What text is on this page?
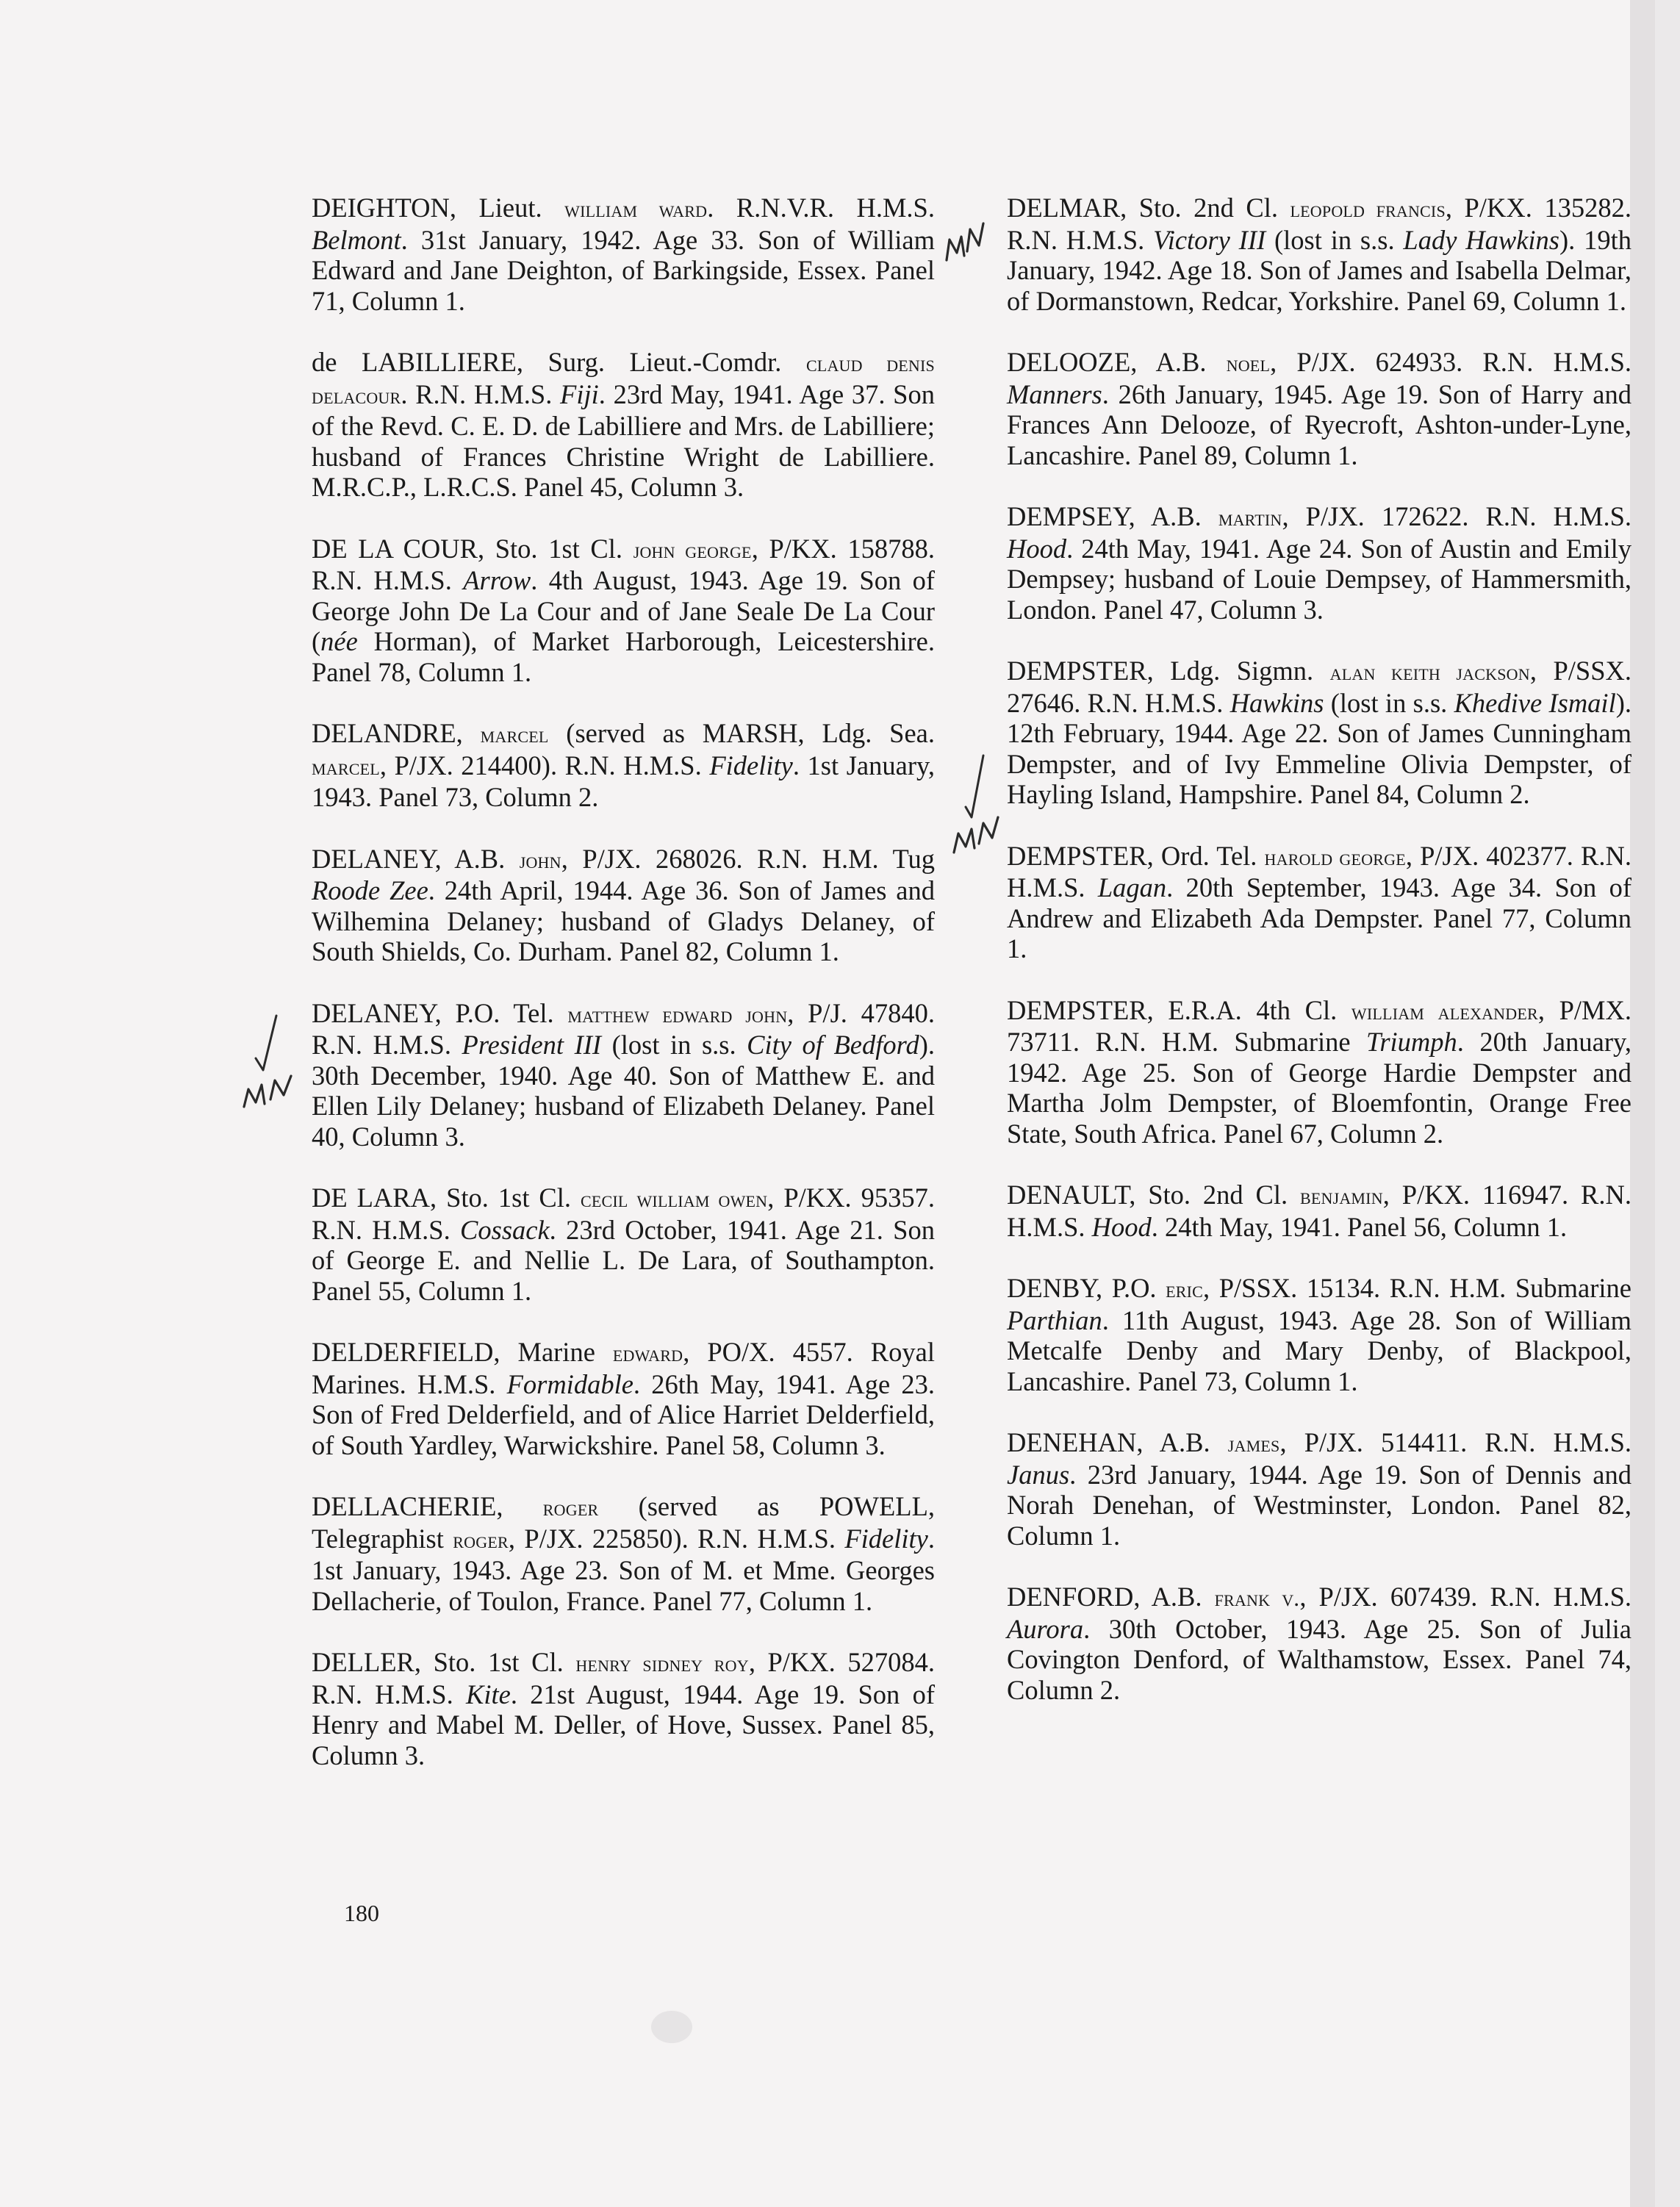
DEIGHTON, Lieut. william ward. R.N.V.R. H.M.S. Belmont. 31st January, 1942. Age 33. Son of William Edward and Jane Deighton, of Barkingside, Essex. Panel 71, Column 1.

de LABILLIERE, Surg. Lieut.-Comdr. claud denis delacour. R.N. H.M.S. Fiji. 23rd May, 1941. Age 37. Son of the Revd. C. E. D. de Labilliere and Mrs. de Labilliere; husband of Frances Christine Wright de Labilliere. M.R.C.P., L.R.C.S. Panel 45, Column 3.

DE LA COUR, Sto. 1st Cl. john george, P/KX. 158788. R.N. H.M.S. Arrow. 4th August, 1943. Age 19. Son of George John De La Cour and of Jane Seale De La Cour (née Horman), of Market Harborough, Leicestershire. Panel 78, Column 1.

DELANDRE, marcel (served as MARSH, Ldg. Sea. marcel, P/JX. 214400). R.N. H.M.S. Fidelity. 1st January, 1943. Panel 73, Column 2.

DELANEY, A.B. john, P/JX. 268026. R.N. H.M. Tug Roode Zee. 24th April, 1944. Age 36. Son of James and Wilhemina Delaney; husband of Gladys Delaney, of South Shields, Co. Durham. Panel 82, Column 1.

DELANEY, P.O. Tel. matthew edward john, P/J. 47840. R.N. H.M.S. President III (lost in s.s. City of Bedford). 30th December, 1940. Age 40. Son of Matthew E. and Ellen Lily Delaney; husband of Elizabeth Delaney. Panel 40, Column 3.

DE LARA, Sto. 1st Cl. cecil william owen, P/KX. 95357. R.N. H.M.S. Cossack. 23rd October, 1941. Age 21. Son of George E. and Nellie L. De Lara, of Southampton. Panel 55, Column 1.

DELDERFIELD, Marine edward, PO/X. 4557. Royal Marines. H.M.S. Formidable. 26th May, 1941. Age 23. Son of Fred Delderfield, and of Alice Harriet Delderfield, of South Yardley, Warwickshire. Panel 58, Column 3.

DELLACHERIE, roger (served as POWELL, Telegraphist roger, P/JX. 225850). R.N. H.M.S. Fidelity. 1st January, 1943. Age 23. Son of M. et Mme. Georges Dellacherie, of Toulon, France. Panel 77, Column 1.

DELLER, Sto. 1st Cl. henry sidney roy, P/KX. 527084. R.N. H.M.S. Kite. 21st August, 1944. Age 19. Son of Henry and Mabel M. Deller, of Hove, Sussex. Panel 85, Column 3.

DELMAR, Sto. 2nd Cl. leopold francis, P/KX. 135282. R.N. H.M.S. Victory III (lost in s.s. Lady Hawkins). 19th January, 1942. Age 18. Son of James and Isabella Delmar, of Dormanstown, Redcar, Yorkshire. Panel 69, Column 1.

DELOOZE, A.B. noel, P/JX. 624933. R.N. H.M.S. Manners. 26th January, 1945. Age 19. Son of Harry and Frances Ann Delooze, of Ryecroft, Ashton-under-Lyne, Lancashire. Panel 89, Column 1.

DEMPSEY, A.B. martin, P/JX. 172622. R.N. H.M.S. Hood. 24th May, 1941. Age 24. Son of Austin and Emily Dempsey; husband of Louie Dempsey, of Hammersmith, London. Panel 47, Column 3.

DEMPSTER, Ldg. Sigmn. alan keith jackson, P/SSX. 27646. R.N. H.M.S. Hawkins (lost in s.s. Khedive Ismail). 12th February, 1944. Age 22. Son of James Cunningham Dempster, and of Ivy Emmeline Olivia Dempster, of Hayling Island, Hampshire. Panel 84, Column 2.

DEMPSTER, Ord. Tel. harold george, P/JX. 402377. R.N. H.M.S. Lagan. 20th September, 1943. Age 34. Son of Andrew and Elizabeth Ada Dempster. Panel 77, Column 1.

DEMPSTER, E.R.A. 4th Cl. william alexander, P/MX. 73711. R.N. H.M. Submarine Triumph. 20th January, 1942. Age 25. Son of George Hardie Dempster and Martha Jolm Dempster, of Bloemfontin, Orange Free State, South Africa. Panel 67, Column 2.

DENAULT, Sto. 2nd Cl. benjamin, P/KX. 116947. R.N. H.M.S. Hood. 24th May, 1941. Panel 56, Column 1.

DENBY, P.O. eric, P/SSX. 15134. R.N. H.M. Submarine Parthian. 11th August, 1943. Age 28. Son of William Metcalfe Denby and Mary Denby, of Blackpool, Lancashire. Panel 73, Column 1.

DENEHAN, A.B. james, P/JX. 514411. R.N. H.M.S. Janus. 23rd January, 1944. Age 19. Son of Dennis and Norah Denehan, of Westminster, London. Panel 82, Column 1.

DENFORD, A.B. frank v., P/JX. 607439. R.N. H.M.S. Aurora. 30th October, 1943. Age 25. Son of Julia Covington Denford, of Walthamstow, Essex. Panel 74, Column 2.

180
